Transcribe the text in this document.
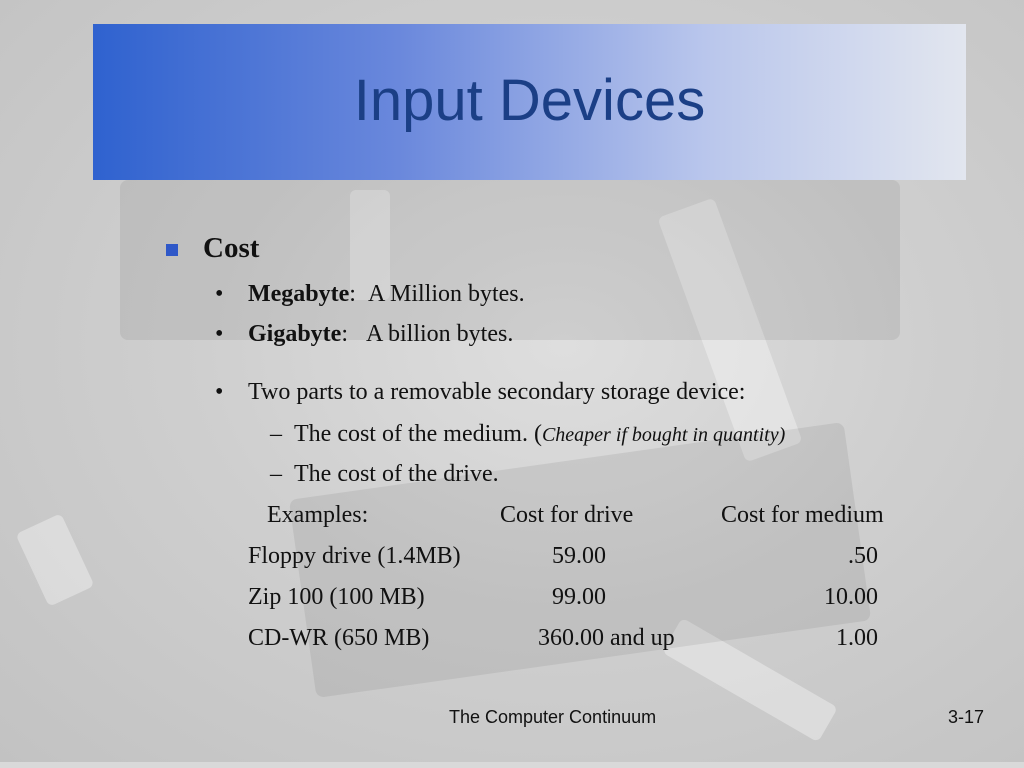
Input Devices
Cost
• Megabyte: A Million bytes.
• Gigabyte: A billion bytes.
• Two parts to a removable secondary storage device:
–  The cost of the medium. (Cheaper if bought in quantity)
–  The cost of the drive.
Examples:	Cost for drive	Cost for medium
Floppy drive (1.4MB)	59.00	.50
Zip 100 (100 MB)	99.00	10.00
CD-WR (650 MB)	360.00 and up	1.00
The Computer Continuum	3-17
